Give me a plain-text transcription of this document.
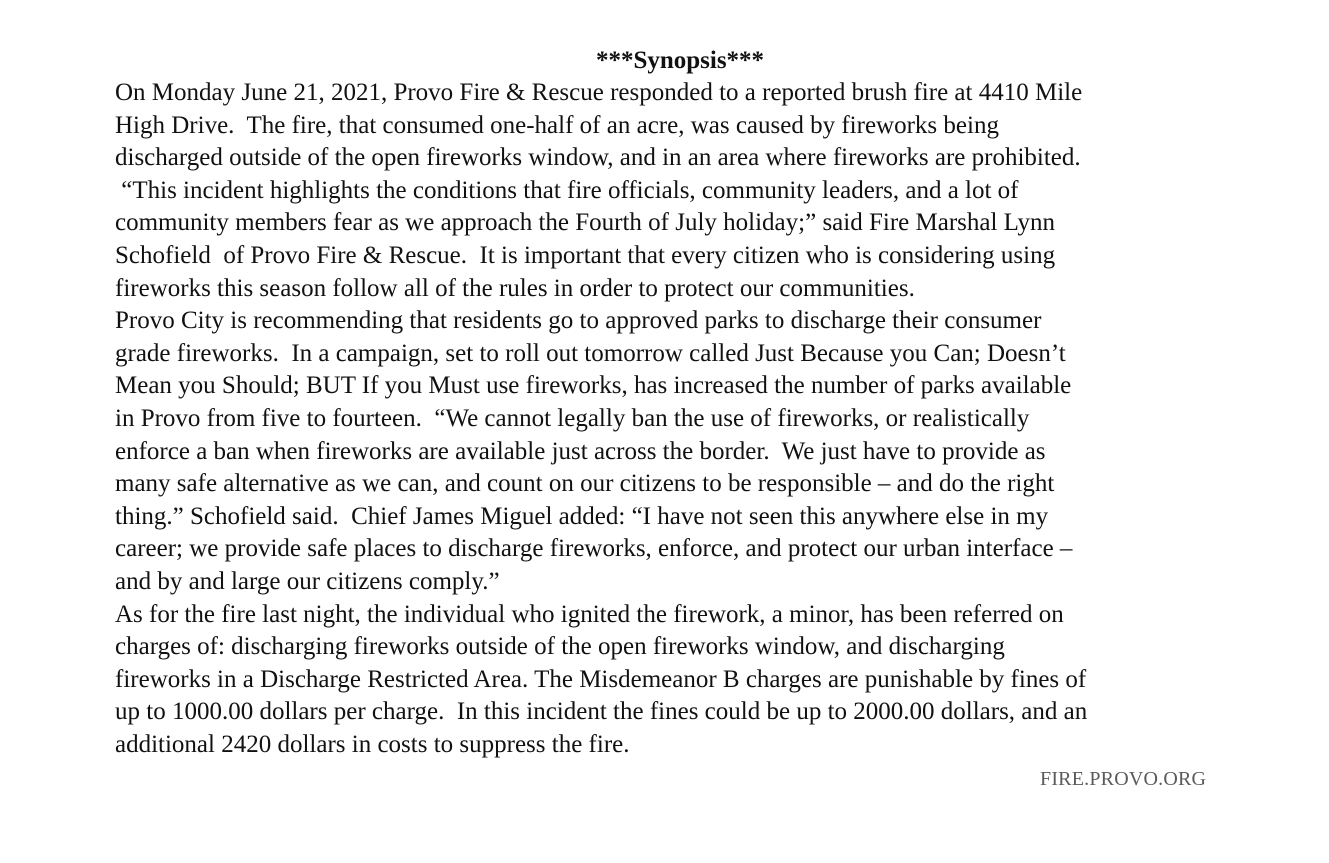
***Synopsis***
On Monday June 21, 2021, Provo Fire & Rescue responded to a reported brush fire at 4410 Mile
High Drive.  The fire, that consumed one-half of an acre, was caused by fireworks being
discharged outside of the open fireworks window, and in an area where fireworks are prohibited.
“This incident highlights the conditions that fire officials, community leaders, and a lot of
community members fear as we approach the Fourth of July holiday;” said Fire Marshal Lynn
Schofield  of Provo Fire & Rescue.  It is important that every citizen who is considering using
fireworks this season follow all of the rules in order to protect our communities.
Provo City is recommending that residents go to approved parks to discharge their consumer
grade fireworks.  In a campaign, set to roll out tomorrow called Just Because you Can; Doesn’t
Mean you Should; BUT If you Must use fireworks, has increased the number of parks available
in Provo from five to fourteen.  “We cannot legally ban the use of fireworks, or realistically
enforce a ban when fireworks are available just across the border.  We just have to provide as
many safe alternative as we can, and count on our citizens to be responsible – and do the right
thing.” Schofield said.  Chief James Miguel added: “I have not seen this anywhere else in my
career; we provide safe places to discharge fireworks, enforce, and protect our urban interface –
and by and large our citizens comply.”
As for the fire last night, the individual who ignited the firework, a minor, has been referred on
charges of: discharging fireworks outside of the open fireworks window, and discharging
fireworks in a Discharge Restricted Area. The Misdemeanor B charges are punishable by fines of
up to 1000.00 dollars per charge.  In this incident the fines could be up to 2000.00 dollars, and an
additional 2420 dollars in costs to suppress the fire.
FIRE.PROVO.ORG
